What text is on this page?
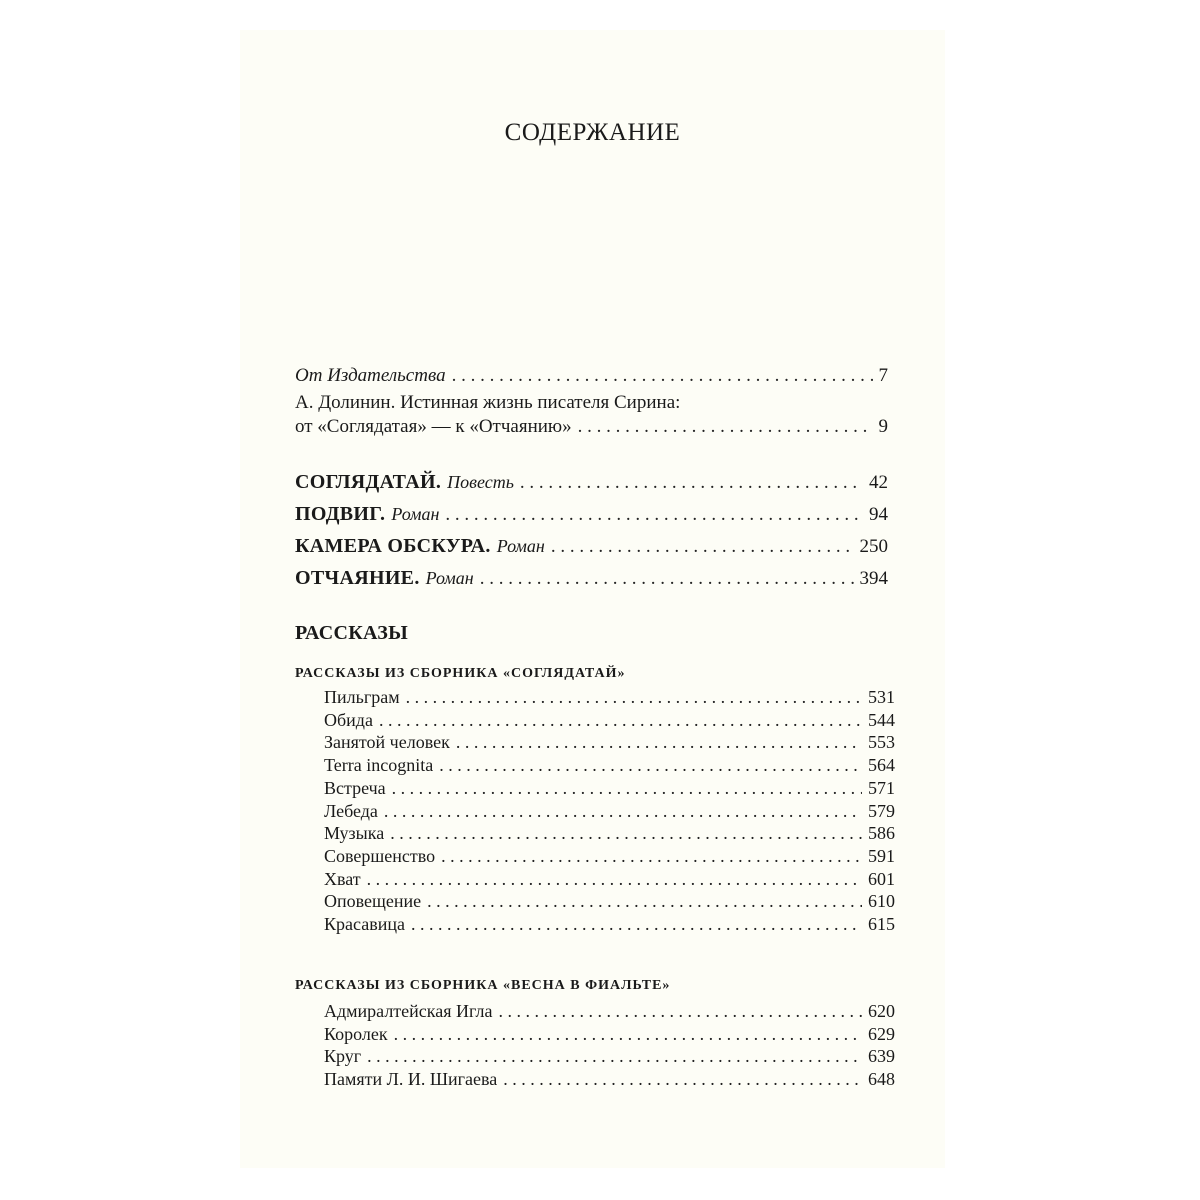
СОДЕРЖАНИЕ
От Издательства . . .	7
А. Долинин. Истинная жизнь писателя Сирина:
от «Соглядатая» — к «Отчаянию» . . .	9
СОГЛЯДАТАЙ. Повесть . . .	42
ПОДВИГ. Роман . . .	94
КАМЕРА ОБСКУРА. Роман . . .	250
ОТЧАЯНИЕ. Роман . . .	394
РАССКАЗЫ
РАССКАЗЫ ИЗ СБОРНИКА «СОГЛЯДАТАЙ»
Пильграм . . .	531
Обида . . .	544
Занятой человек . . .	553
Terra incognita . . .	564
Встреча . . .	571
Лебеда . . .	579
Музыка . . .	586
Совершенство . . .	591
Хват . . .	601
Оповещение . . .	610
Красавица . . .	615
РАССКАЗЫ ИЗ СБОРНИКА «ВЕСНА В ФИАЛЬТЕ»
Адмиралтейская Игла . . .	620
Королек . . .	629
Круг . . .	639
Памяти Л. И. Шигаева . . .	648
